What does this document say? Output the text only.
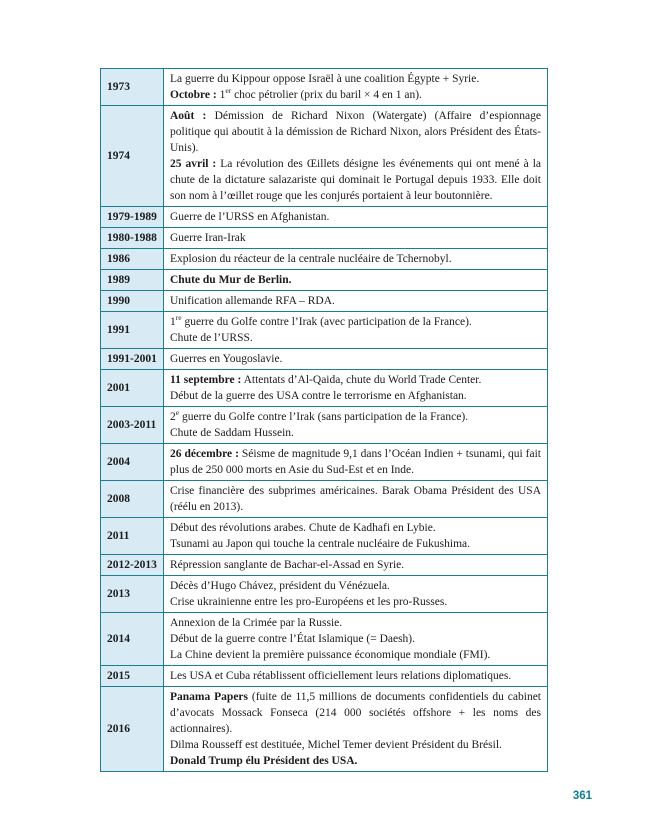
1973	La guerre du Kippour oppose Israël à une coalition Égypte + Syrie.
Octobre : 1er choc pétrolier (prix du baril × 4 en 1 an).

1974	Août : Démission de Richard Nixon (Watergate) (Affaire d’espionnage politique qui aboutit à la démission de Richard Nixon, alors Président des États-Unis).
25 avril : La révolution des Œillets désigne les événements qui ont mené à la chute de la dictature salazariste qui dominait le Portugal depuis 1933. Elle doit son nom à l’œillet rouge que les conjurés portaient à leur boutonnière.

1979-1989	Guerre de l’URSS en Afghanistan.

1980-1988	Guerre Iran-Irak

1986	Explosion du réacteur de la centrale nucléaire de Tchernobyl.

1989	Chute du Mur de Berlin.

1990	Unification allemande RFA – RDA.

1991	1re guerre du Golfe contre l’Irak (avec participation de la France).
Chute de l’URSS.

1991-2001	Guerres en Yougoslavie.

2001	11 septembre : Attentats d’Al-Qaida, chute du World Trade Center.
Début de la guerre des USA contre le terrorisme en Afghanistan.

2003-2011	2e guerre du Golfe contre l’Irak (sans participation de la France).
Chute de Saddam Hussein.

2004	26 décembre : Séisme de magnitude 9,1 dans l’Océan Indien + tsunami, qui fait plus de 250 000 morts en Asie du Sud-Est et en Inde.

2008	Crise financière des subprimes américaines. Barak Obama Président des USA (réélu en 2013).

2011	Début des révolutions arabes. Chute de Kadhafi en Lybie.
Tsunami au Japon qui touche la centrale nucléaire de Fukushima.

2012-2013	Répression sanglante de Bachar-el-Assad en Syrie.

2013	Décès d’Hugo Chávez, président du Vénézuela.
Crise ukrainienne entre les pro-Européens et les pro-Russes.

2014	Annexion de la Crimée par la Russie.
Début de la guerre contre l’État Islamique (= Daesh).
La Chine devient la première puissance économique mondiale (FMI).

2015	Les USA et Cuba rétablissent officiellement leurs relations diplomatiques.

2016	Panama Papers (fuite de 11,5 millions de documents confidentiels du cabinet d’avocats Mossack Fonseca (214 000 sociétés offshore + les noms des actionnaires).
Dilma Rousseff est destituée, Michel Temer devient Président du Brésil.
Donald Trump élu Président des USA.
361
